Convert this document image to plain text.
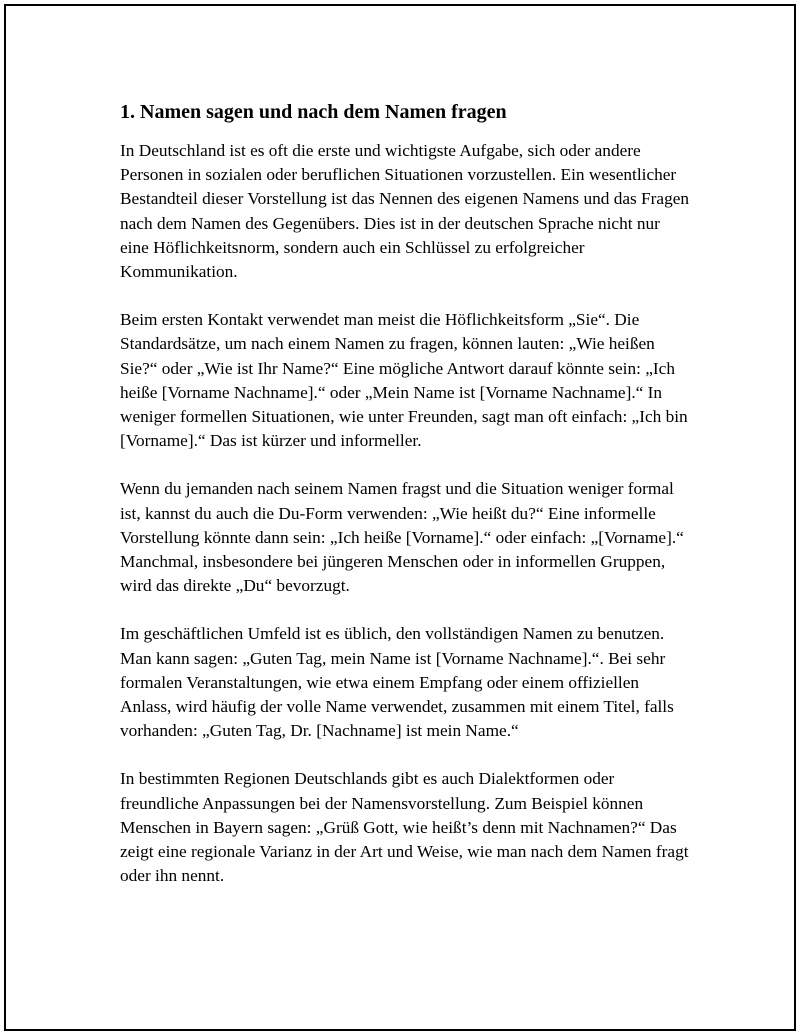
1. Namen sagen und nach dem Namen fragen

In Deutschland ist es oft die erste und wichtigste Aufgabe, sich oder andere Personen in sozialen oder beruflichen Situationen vorzustellen. Ein wesentlicher Bestandteil dieser Vorstellung ist das Nennen des eigenen Namens und das Fragen nach dem Namen des Gegenübers. Dies ist in der deutschen Sprache nicht nur eine Höflichkeitsnorm, sondern auch ein Schlüssel zu erfolgreicher Kommunikation.

Beim ersten Kontakt verwendet man meist die Höflichkeitsform „Sie“. Die Standardsätze, um nach einem Namen zu fragen, können lauten: „Wie heißen Sie?“ oder „Wie ist Ihr Name?“ Eine mögliche Antwort darauf könnte sein: „Ich heiße [Vorname Nachname].“ oder „Mein Name ist [Vorname Nachname].“ In weniger formellen Situationen, wie unter Freunden, sagt man oft einfach: „Ich bin [Vorname].“ Das ist kürzer und informeller.

Wenn du jemanden nach seinem Namen fragst und die Situation weniger formal ist, kannst du auch die Du-Form verwenden: „Wie heißt du?“ Eine informelle Vorstellung könnte dann sein: „Ich heiße [Vorname].“ oder einfach: „[Vorname].“ Manchmal, insbesondere bei jüngeren Menschen oder in informellen Gruppen, wird das direkte „Du“ bevorzugt.

Im geschäftlichen Umfeld ist es üblich, den vollständigen Namen zu benutzen. Man kann sagen: „Guten Tag, mein Name ist [Vorname Nachname].“. Bei sehr formalen Veranstaltungen, wie etwa einem Empfang oder einem offiziellen Anlass, wird häufig der volle Name verwendet, zusammen mit einem Titel, falls vorhanden: „Guten Tag, Dr. [Nachname] ist mein Name.“

In bestimmten Regionen Deutschlands gibt es auch Dialektformen oder freundliche Anpassungen bei der Namensvorstellung. Zum Beispiel können Menschen in Bayern sagen: „Grüß Gott, wie heißt’s denn mit Nachnamen?“ Das zeigt eine regionale Varianz in der Art und Weise, wie man nach dem Namen fragt oder ihn nennt.
